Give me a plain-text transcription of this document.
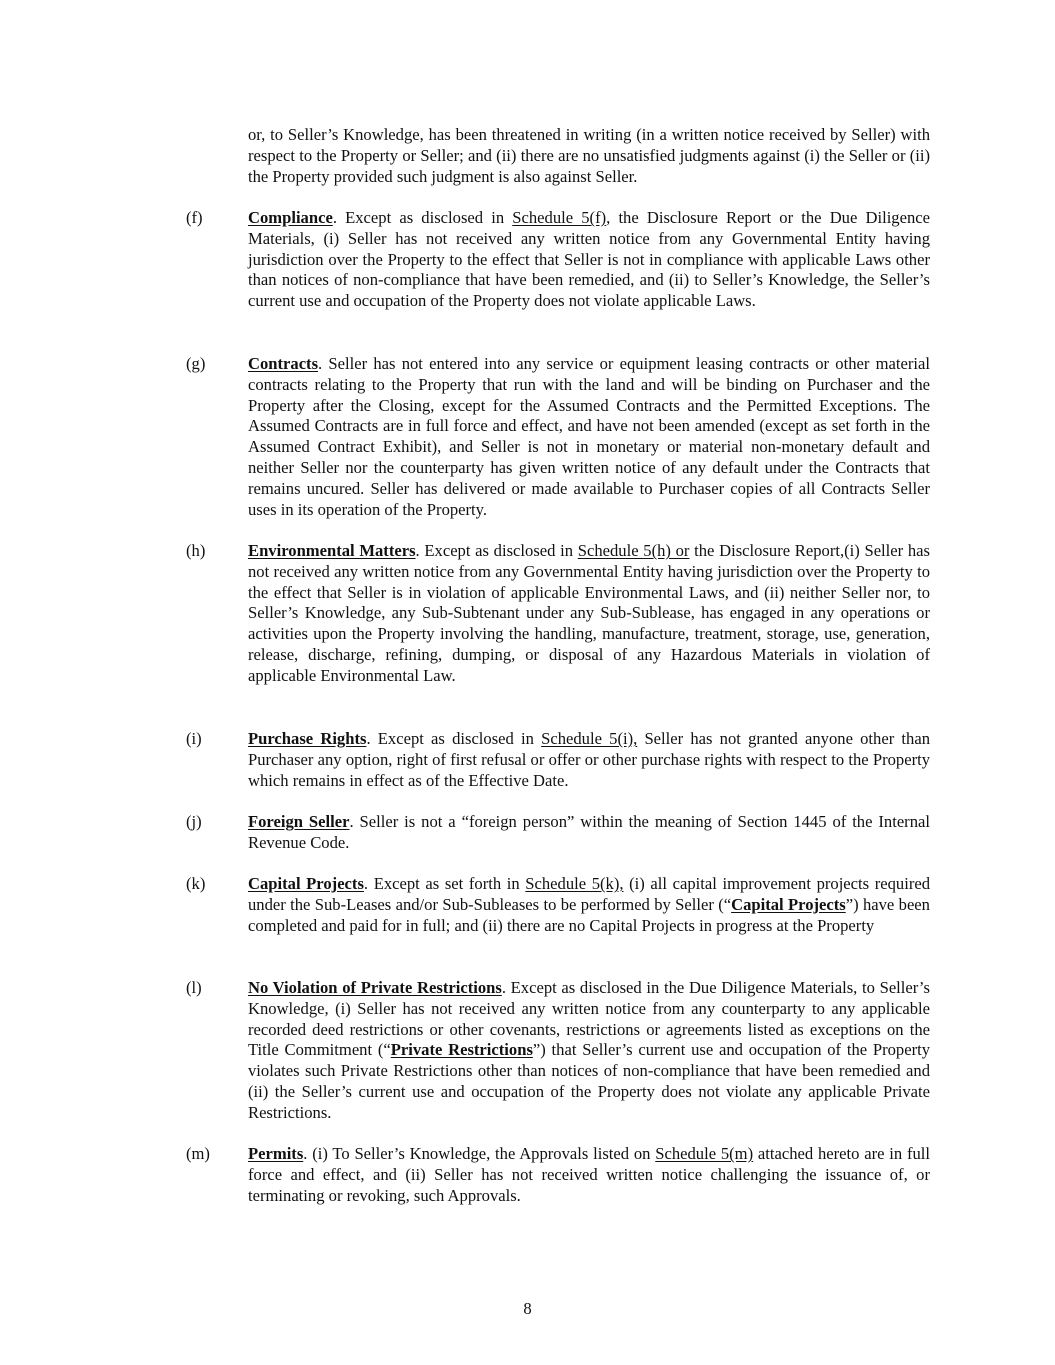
or, to Seller’s Knowledge, has been threatened in writing (in a written notice received by Seller) with respect to the Property or Seller; and (ii) there are no unsatisfied judgments against (i) the Seller or (ii) the Property provided such judgment is also against Seller.
(f)	Compliance. Except as disclosed in Schedule 5(f), the Disclosure Report or the Due Diligence Materials, (i) Seller has not received any written notice from any Governmental Entity having jurisdiction over the Property to the effect that Seller is not in compliance with applicable Laws other than notices of non-compliance that have been remedied, and (ii) to Seller’s Knowledge, the Seller’s current use and occupation of the Property does not violate applicable Laws.
(g)	Contracts. Seller has not entered into any service or equipment leasing contracts or other material contracts relating to the Property that run with the land and will be binding on Purchaser and the Property after the Closing, except for the Assumed Contracts and the Permitted Exceptions. The Assumed Contracts are in full force and effect, and have not been amended (except as set forth in the Assumed Contract Exhibit), and Seller is not in monetary or material non-monetary default and neither Seller nor the counterparty has given written notice of any default under the Contracts that remains uncured. Seller has delivered or made available to Purchaser copies of all Contracts Seller uses in its operation of the Property.
(h)	Environmental Matters. Except as disclosed in Schedule 5(h) or the Disclosure Report,(i) Seller has not received any written notice from any Governmental Entity having jurisdiction over the Property to the effect that Seller is in violation of applicable Environmental Laws, and (ii) neither Seller nor, to Seller’s Knowledge, any Sub-Subtenant under any Sub-Sublease, has engaged in any operations or activities upon the Property involving the handling, manufacture, treatment, storage, use, generation, release, discharge, refining, dumping, or disposal of any Hazardous Materials in violation of applicable Environmental Law.
(i)	Purchase Rights. Except as disclosed in Schedule 5(i), Seller has not granted anyone other than Purchaser any option, right of first refusal or offer or other purchase rights with respect to the Property which remains in effect as of the Effective Date.
(j)	Foreign Seller. Seller is not a “foreign person” within the meaning of Section 1445 of the Internal Revenue Code.
(k)	Capital Projects. Except as set forth in Schedule 5(k), (i) all capital improvement projects required under the Sub-Leases and/or Sub-Subleases to be performed by Seller (“Capital Projects”) have been completed and paid for in full; and (ii) there are no Capital Projects in progress at the Property
(l)	No Violation of Private Restrictions. Except as disclosed in the Due Diligence Materials, to Seller’s Knowledge, (i) Seller has not received any written notice from any counterparty to any applicable recorded deed restrictions or other covenants, restrictions or agreements listed as exceptions on the Title Commitment (“Private Restrictions”) that Seller’s current use and occupation of the Property violates such Private Restrictions other than notices of non-compliance that have been remedied and (ii) the Seller’s current use and occupation of the Property does not violate any applicable Private Restrictions.
(m) Permits. (i) To Seller’s Knowledge, the Approvals listed on Schedule 5(m) attached hereto are in full force and effect, and (ii) Seller has not received written notice challenging the issuance of, or terminating or revoking, such Approvals.
8
